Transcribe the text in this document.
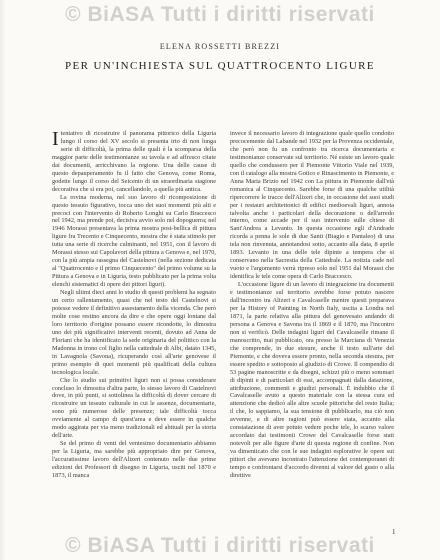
© BiASA Tutti i diritti riservati
ELENA ROSSETTI BREZZI
PER UN'INCHIESTA SUL QUATTROCENTO LIGURE

I tentativo di ricostruire il panorama pittorico della Liguria lungo il corso del XV secolo si presenta irto di non lunga serie di difficoltà, la prima delle quali è la scomparsa della maggior parte delle testimonianze su tavola e ad affresco citate dai documenti, arricchivano la regione. Una delle cause di questo depauperamento fu il fatto che Genova, come Roma, godette lungo il corso del Seicento di un straordinaria stagione decorativa che si era poi, cancellandole, a quella più antica.

La rovina moderna, nel suo lavoro di ricomposizione di questo tessuto figurativo, tocca uno dei suoi momenti più alti e precoci con l'intervento di Roberto Longhi su Carlo Braccesco nel 1942, ma prende poi, decisiva avvio solo nel dopoguerra; nel 1946 Morassi presentava la prima mostra post-bellica di pittura ligure fra Trecento e Cinquecento, mostra che è stata stimolo per tutta una serie di ricerche culminanti, nel 1951, con il lavoro di Morassi stesso sui Capolavori della pittura a Genova e, nel 1970, con la più ampia rassegna del Castelnovi (nella sezione dedicata al "Quattrocento e il primo Cinquecento" del primo volume su la Pittura a Genova e in Liguria, testo pubblicato per la prima volta elenchi sistematici di opere dei pittori liguri).

Negli ultimi dieci anni lo studio di questi problemi ha segnato un certo rallentamento, quasi che nel testo del Castelnovi si potesse vedere il definitivo assestamento della vicenda. Che però molte cose restino ancora da dire e che opere oggi lontane dal loro territorio d'origine possano essere ricondotte, lo dimostra uno dei più significativi interventi recenti, dovuto ad Anna de Floriani che ha identificato la sede originaria del polittico con la Madonna in trono col figlio nella cattedrale di Albi, datato 1345, in Lavagnola (Savona), ricuperando così all'arte genovese il primo esempio di quei momenti più qualificati della cultura tecnologica locale.

Che lo studio sui primitivi liguri non si possa considerare concluso lo dimostra d'altra parte, lo stesso lavoro di Castelnovi dove, in più punti, si sottolinea la difficoltà di dover cercare di ricostruire un tessuto culturale in cui le assenze, documentarie, sono più numerose delle presenze; tale difficoltà tocca ovviamente al campo di quest'area e deve essere in qualche modo aggirata per via meno tradizionali ed abituali per la storia dell'arte.

Se del primo di venti del ventesimo documentario abbiamo per la Liguria, ma sarebbe più appropriato dire per Genova, l'accuratissime lavoro dell'Alizeri contenuto nelle due prime edizioni dei Professori di disegno in Liguria, usciti nel 1870 e 1873, il manca

invece il necessario lavoro di integrazione quale quello condotto precocemente dal Labande nel 1932 per la Provenza occidentale, che però non fu un confronto tra ricerca documentaria e testimonianze conservate sul territorio. Né esiste un lavoro quale quello che condussero per il Piemonte Vittorio Viale nel 1939, con il catalogo alla mostra Gotico e Rinascimento in Piemonte, e Anna Maria Brizio nel 1942 con La pittura in Piemonte dall'età romanica al Cinquecento. Sarebbe forse di una qualche utilità ripercorrere le tracce dell'Alizeri che, in occasione dei suoi studi per i restauri architettonici di edifici medioevali liguri, annota talvolta anche i particolari della decorazione o dell'arredo interno, come accade per il suo intervento sulle chiese di Sant'Andrea a Levanto. In questa occasione egli d'Andrade ricorda a penna le sole di due Santi (Biagio e Pantaleo) di una tela non rinvenuta, annotandosi sotto, accanto alla data, 8 aprile 1893. Levanto in una delle tele dipinte a tempera che si conservano nella Sacrestia della Cattedrale. La notizia cade nel vuoto e l'argomento verrà ripreso solo nel 1951 dal Morassi che identifica le tele come opera di Carlo Braccesco.

L'occasione ligure di un lavoro di integrazione tra documenti e testimonianze sul territorio avrebbe forse potuto nascere dall'incontro tra Alizeri e Cavalcaselle mentre questi preparava per la History of Painting in North Italy, uscita a Londra nel 1871, la parte relativa alla pittura del genovesato andando di persona a Genova e Savona tra il 1869 e il 1870, ma l'incontro non si verificò. Delle indagini liguri del Cavalcaselle rimane il manoscritto, mai pubblicato, ora presso la Marciana di Venezia che comprende, in due stesure, anche il testo sull'arte del Piemonte, e che doveva essere pronto, nella seconda stesura, per essere spedito e sottoposto al giudizio di Crowe. Il compendio di 53 pagine manoscritte e da disegni, schizzi più o meno sommari di dipinti e di particolari di essi, accompagnati dalla datazione, attribuzione, commenti e giudizi personali. È indubbio che il Cavalcaselle avuto a questo materiale con la stessa cura ed attenzione che dedicò alle altre scuole pittoriche del resto Italia; il che, lo sappiamo, la sua tensione di pubblicarlo, ma ciò non avvenne, e di altre ragioni può essere stata, accanto alla constatazione di aver potuto vedere poche tele, lo scarso valore accordato dai testimonii Crowe del Cavalcaselle forse stati notevoli per alle figure d'arte di questa regione di confine. Non va dimenticato che con le sue indagini esplorative le opere sui pittori che avevano incontrato l'attenzione dei contemporanei di tempo e confrontarsi d'accordo divenni al valore del gusto o alla direttive

1
© BiASA Tutti i diritti riservati
